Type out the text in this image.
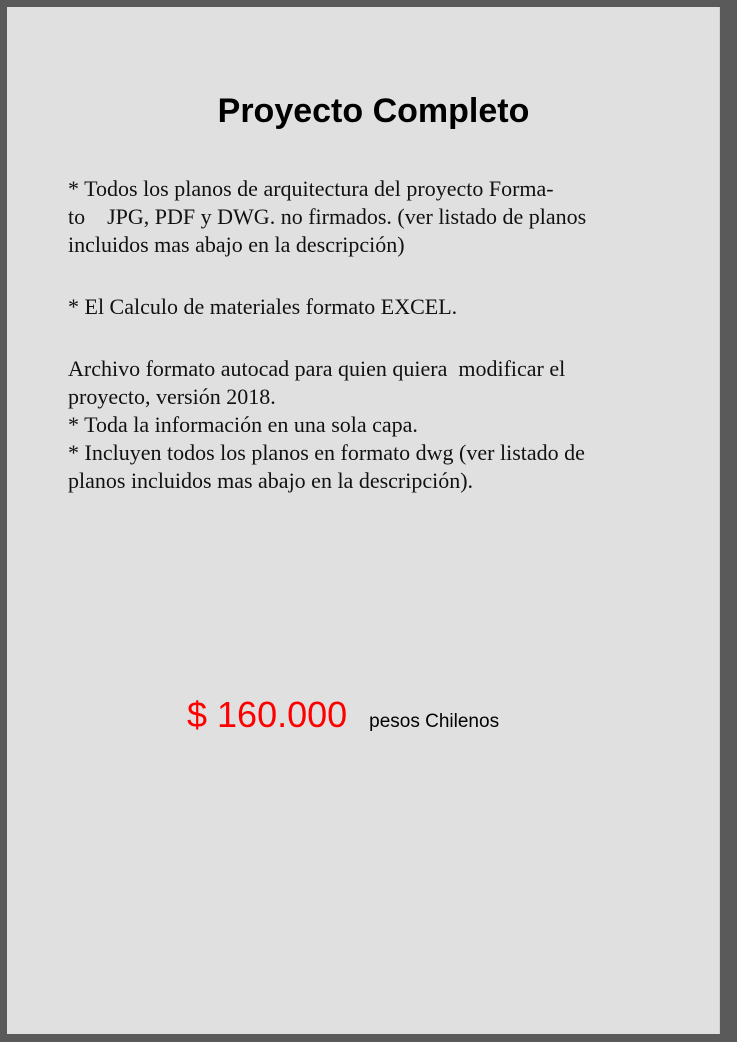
Proyecto Completo

* Todos los planos de arquitectura del proyecto Forma-

to    JPG, PDF y DWG. no firmados. (ver listado de planos

incluidos mas abajo en la descripción)

* El Calculo de materiales formato EXCEL.

Archivo formato autocad para quien quiera  modificar el

proyecto, versión 2018.

* Toda la información en una sola capa.

* Incluyen todos los planos en formato dwg (ver listado de

planos incluidos mas abajo en la descripción).

$ 160.000 pesos Chilenos
